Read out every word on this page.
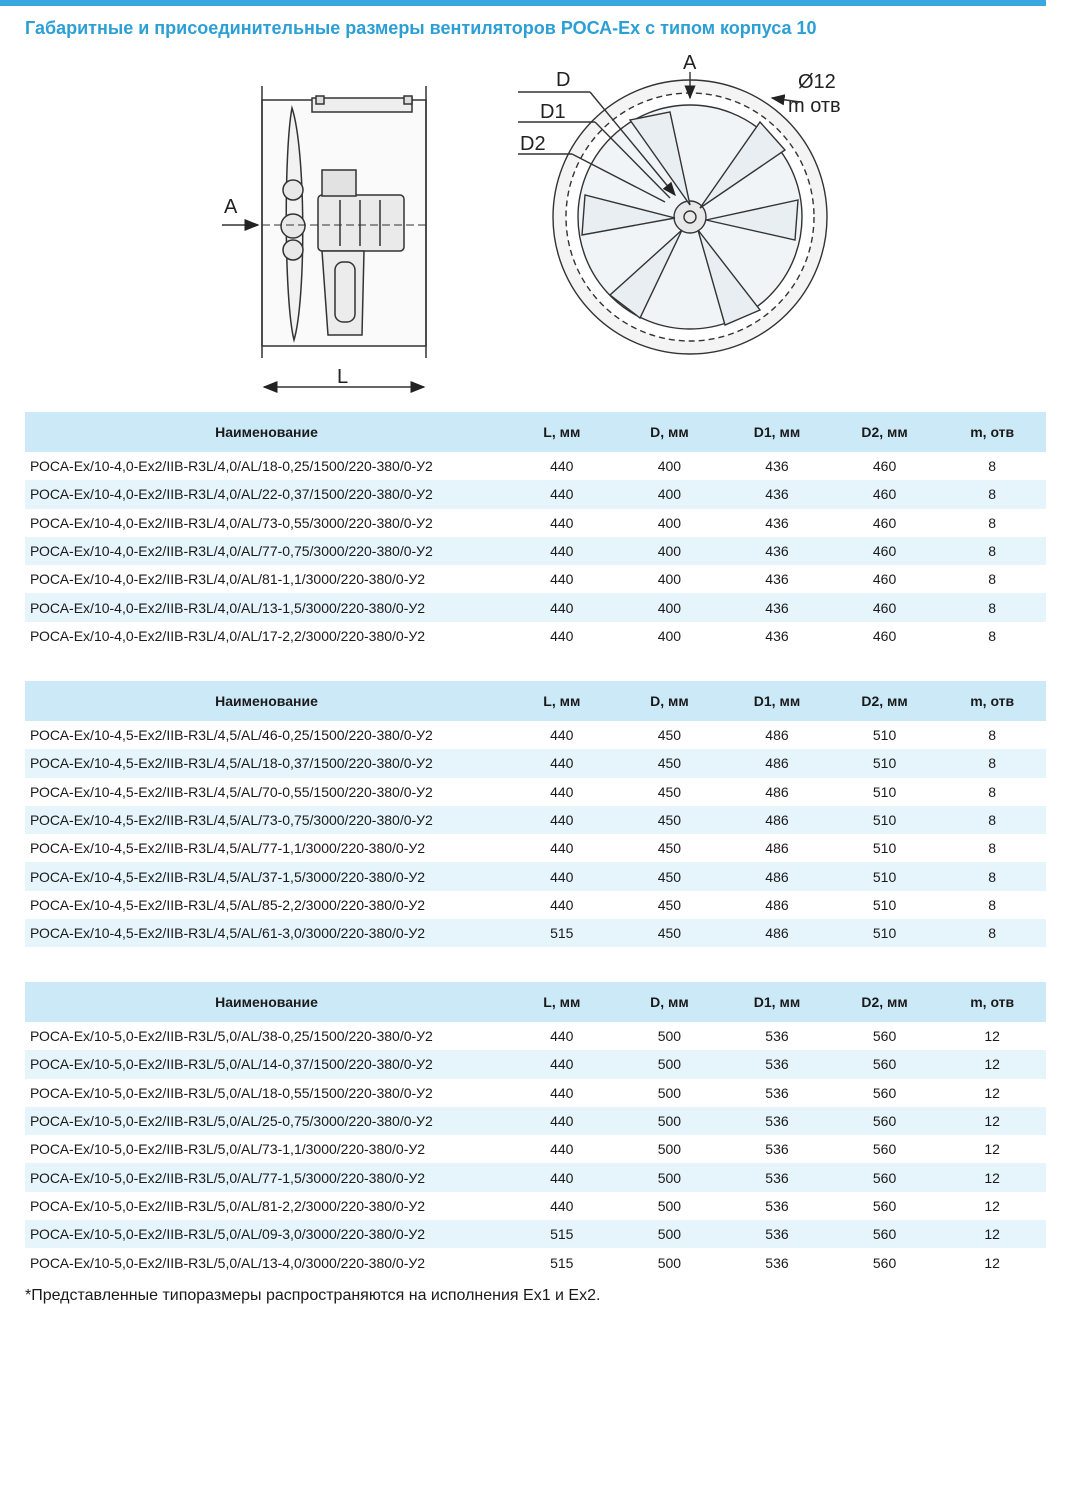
Габаритные и присоединительные размеры вентиляторов РОСА-Ex с типом корпуса 10
A
L
A
D
D1
D2
Ø12
m отв
Наименование	L, мм	D, мм	D1, мм	D2, мм	m, отв
РОСА-Ex/10-4,0-Ex2/IIB-R3L/4,0/AL/18-0,25/1500/220-380/0-У2	440	400	436	460	8
РОСА-Ex/10-4,0-Ex2/IIB-R3L/4,0/AL/22-0,37/1500/220-380/0-У2	440	400	436	460	8
РОСА-Ex/10-4,0-Ex2/IIB-R3L/4,0/AL/73-0,55/3000/220-380/0-У2	440	400	436	460	8
РОСА-Ex/10-4,0-Ex2/IIB-R3L/4,0/AL/77-0,75/3000/220-380/0-У2	440	400	436	460	8
РОСА-Ex/10-4,0-Ex2/IIB-R3L/4,0/AL/81-1,1/3000/220-380/0-У2	440	400	436	460	8
РОСА-Ex/10-4,0-Ex2/IIB-R3L/4,0/AL/13-1,5/3000/220-380/0-У2	440	400	436	460	8
РОСА-Ex/10-4,0-Ex2/IIB-R3L/4,0/AL/17-2,2/3000/220-380/0-У2	440	400	436	460	8
Наименование	L, мм	D, мм	D1, мм	D2, мм	m, отв
РОСА-Ex/10-4,5-Ex2/IIB-R3L/4,5/AL/46-0,25/1500/220-380/0-У2	440	450	486	510	8
РОСА-Ex/10-4,5-Ex2/IIB-R3L/4,5/AL/18-0,37/1500/220-380/0-У2	440	450	486	510	8
РОСА-Ex/10-4,5-Ex2/IIB-R3L/4,5/AL/70-0,55/1500/220-380/0-У2	440	450	486	510	8
РОСА-Ex/10-4,5-Ex2/IIB-R3L/4,5/AL/73-0,75/3000/220-380/0-У2	440	450	486	510	8
РОСА-Ex/10-4,5-Ex2/IIB-R3L/4,5/AL/77-1,1/3000/220-380/0-У2	440	450	486	510	8
РОСА-Ex/10-4,5-Ex2/IIB-R3L/4,5/AL/37-1,5/3000/220-380/0-У2	440	450	486	510	8
РОСА-Ex/10-4,5-Ex2/IIB-R3L/4,5/AL/85-2,2/3000/220-380/0-У2	440	450	486	510	8
РОСА-Ex/10-4,5-Ex2/IIB-R3L/4,5/AL/61-3,0/3000/220-380/0-У2	515	450	486	510	8
Наименование	L, мм	D, мм	D1, мм	D2, мм	m, отв
РОСА-Ex/10-5,0-Ex2/IIB-R3L/5,0/AL/38-0,25/1500/220-380/0-У2	440	500	536	560	12
РОСА-Ex/10-5,0-Ex2/IIB-R3L/5,0/AL/14-0,37/1500/220-380/0-У2	440	500	536	560	12
РОСА-Ex/10-5,0-Ex2/IIB-R3L/5,0/AL/18-0,55/1500/220-380/0-У2	440	500	536	560	12
РОСА-Ex/10-5,0-Ex2/IIB-R3L/5,0/AL/25-0,75/3000/220-380/0-У2	440	500	536	560	12
РОСА-Ex/10-5,0-Ex2/IIB-R3L/5,0/AL/73-1,1/3000/220-380/0-У2	440	500	536	560	12
РОСА-Ex/10-5,0-Ex2/IIB-R3L/5,0/AL/77-1,5/3000/220-380/0-У2	440	500	536	560	12
РОСА-Ex/10-5,0-Ex2/IIB-R3L/5,0/AL/81-2,2/3000/220-380/0-У2	440	500	536	560	12
РОСА-Ex/10-5,0-Ex2/IIB-R3L/5,0/AL/09-3,0/3000/220-380/0-У2	515	500	536	560	12
РОСА-Ex/10-5,0-Ex2/IIB-R3L/5,0/AL/13-4,0/3000/220-380/0-У2	515	500	536	560	12
*Представленные типоразмеры распространяются на исполнения Ex1 и Ex2.
